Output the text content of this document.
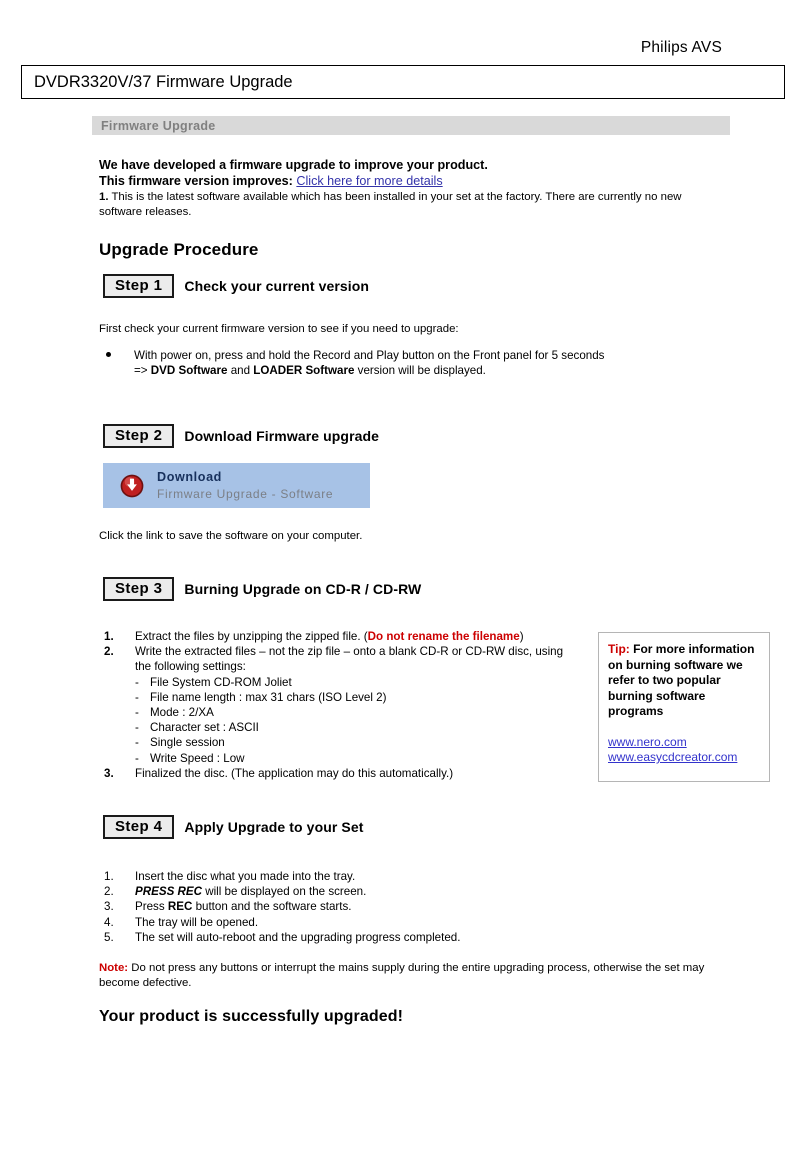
Philips AVS
DVDR3320V/37 Firmware Upgrade
Firmware Upgrade

We have developed a firmware upgrade to improve your product.

This firmware version improves: Click here for more details

1. This is the latest software available which has been installed in your set at the factory. There are currently no new software releases.

Upgrade Procedure
Step 1	Check your current version

First check your current firmware version to see if you need to upgrade:

With power on, press and hold the Record and Play button on the Front panel for 5 seconds
=> DVD Software and LOADER Software version will be displayed.
Step 2	Download Firmware upgrade
Download
Firmware Upgrade - Software

Click the link to save the software on your computer.

Step 3	Burning Upgrade on CD-R / CD-RW
1. Extract the files by unzipping the zipped file. (Do not rename the filename)
2. Write the extracted files – not the zip file – onto a blank CD-R or CD-RW disc, using the following settings:
- File System CD-ROM Joliet
- File name length : max 31 chars (ISO Level 2)
- Mode : 2/XA
- Character set : ASCII
- Single session
- Write Speed : Low
3. Finalized the disc. (The application may do this automatically.)

Tip: For more information on burning software we refer to two popular burning software programs

www.nero.com
www.easycdcreator.com
Step 4	Apply Upgrade to your Set
1. Insert the disc what you made into the tray.
2. PRESS REC will be displayed on the screen.
3. Press REC button and the software starts.
4. The tray will be opened.
5. The set will auto-reboot and the upgrading progress completed.

Note: Do not press any buttons or interrupt the mains supply during the entire upgrading process, otherwise the set may become defective.

Your product is successfully upgraded!
